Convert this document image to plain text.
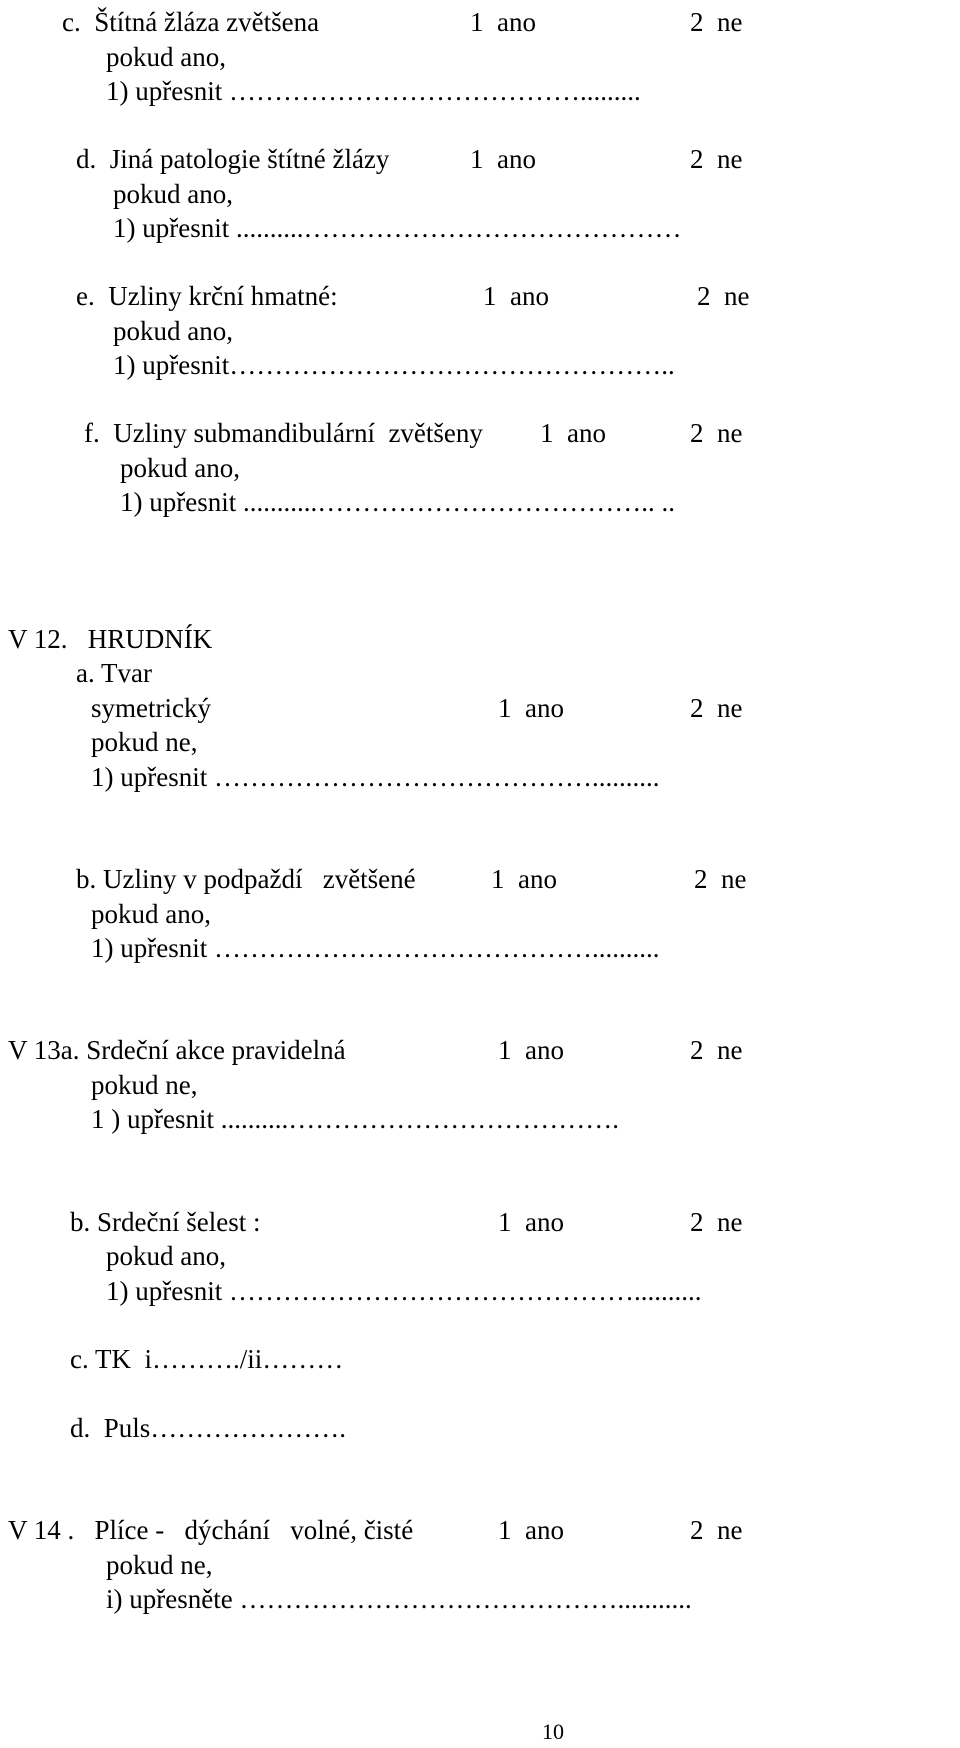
c.  Štítná žláza zvětšena	1  ano	2  ne
pokud ano,
1) upřesnit ………………………………….........
d.  Jiná patologie štítné žlázy	1  ano	2  ne
pokud ano,
1) upřesnit ..........……………………………………
e.  Uzliny krční hmatné:	1  ano	2  ne
pokud ano,
1) upřesnit…………………………………………..
f.  Uzliny submandibulární  zvětšeny 1  ano	2  ne
pokud ano,
1) upřesnit ...........……………………………….. ..
V 12.   HRUDNÍK
a. Tvar
symetrický	1  ano	2  ne
pokud ne,
1) upřesnit ……………………………………..........
b. Uzliny v podpaždí   zvětšené	1  ano	2  ne
pokud ano,
1) upřesnit ……………………………………..........
V 13a. Srdeční akce pravidelná	1  ano	2  ne
pokud ne,
1 ) upřesnit ..........……………………………….
b. Srdeční šelest :	1  ano	2  ne
pokud ano,
1) upřesnit ………………………………………..........
c. TK  i………./ii………
d.  Puls………………….
V 14 .   Plíce -   dýchání   volné, čisté	1  ano	2  ne
pokud ne,
i) upřesněte ……………………………………...........
10
